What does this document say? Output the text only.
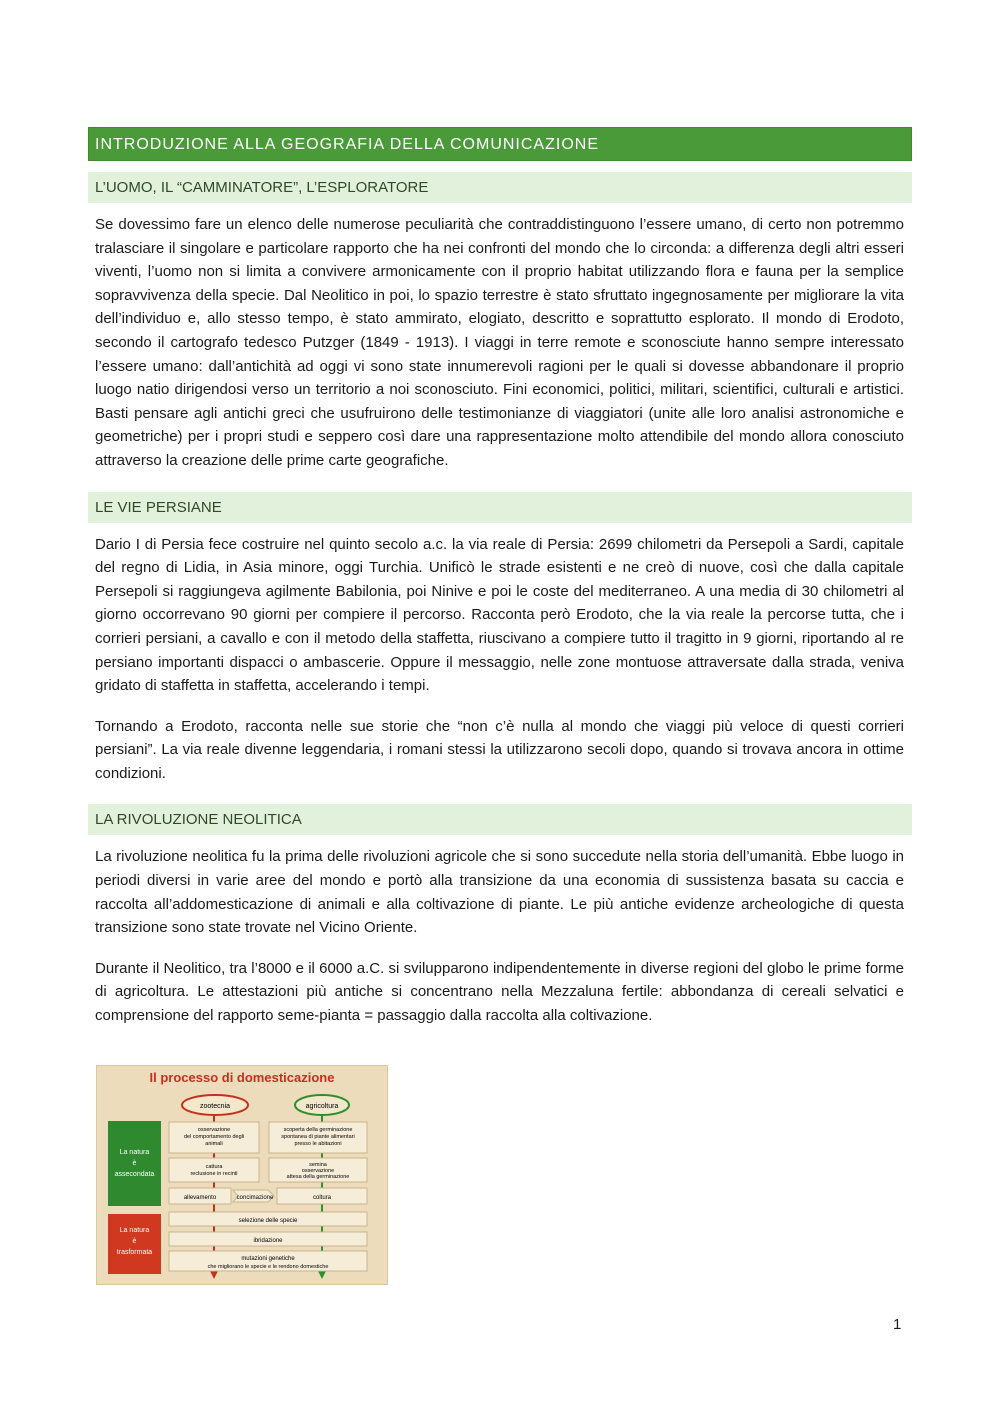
INTRODUZIONE ALLA GEOGRAFIA DELLA COMUNICAZIONE
L’UOMO, IL “CAMMINATORE”, L’ESPLORATORE

Se dovessimo fare un elenco delle numerose peculiarità che contraddistinguono l’essere umano, di certo non potremmo tralasciare il singolare e particolare rapporto che ha nei confronti del mondo che lo circonda: a differenza degli altri esseri viventi, l’uomo non si limita a convivere armonicamente con il proprio habitat utilizzando flora e fauna per la semplice sopravvivenza della specie. Dal Neolitico in poi, lo spazio terrestre è stato sfruttato ingegnosamente per migliorare la vita dell’individuo e, allo stesso tempo, è stato ammirato, elogiato, descritto e soprattutto esplorato. Il mondo di Erodoto, secondo il cartografo tedesco Putzger (1849 - 1913). I viaggi in terre remote e sconosciute hanno sempre interessato l’essere umano: dall’antichità ad oggi vi sono state innumerevoli ragioni per le quali si dovesse abbandonare il proprio luogo natio dirigendosi verso un territorio a noi sconosciuto. Fini economici, politici, militari, scientifici, culturali e artistici. Basti pensare agli antichi greci che usufruirono delle testimonianze di viaggiatori (unite alle loro analisi astronomiche e geometriche) per i propri studi e seppero così dare una rappresentazione molto attendibile del mondo allora conosciuto attraverso la creazione delle prime carte geografiche.

LE VIE PERSIANE

Dario I di Persia fece costruire nel quinto secolo a.c. la via reale di Persia: 2699 chilometri da Persepoli a Sardi, capitale del regno di Lidia, in Asia minore, oggi Turchia. Unificò le strade esistenti e ne creò di nuove, così che dalla capitale Persepoli si raggiungeva agilmente Babilonia, poi Ninive e poi le coste del mediterraneo. A una media di 30 chilometri al giorno occorrevano 90 giorni per compiere il percorso. Racconta però Erodoto, che la via reale la percorse tutta, che i corrieri persiani, a cavallo e con il metodo della staffetta, riuscivano a compiere tutto il tragitto in 9 giorni, riportando al re persiano importanti dispacci o ambascerie. Oppure il messaggio, nelle zone montuose attraversate dalla strada, veniva gridato di staffetta in staffetta, accelerando i tempi.

Tornando a Erodoto, racconta nelle sue storie che “non c’è nulla al mondo che viaggi più veloce di questi corrieri persiani”. La via reale divenne leggendaria, i romani stessi la utilizzarono secoli dopo, quando si trovava ancora in ottime condizioni.

LA RIVOLUZIONE NEOLITICA

La rivoluzione neolitica fu la prima delle rivoluzioni agricole che si sono succedute nella storia dell’umanità. Ebbe luogo in periodi diversi in varie aree del mondo e portò alla transizione da una economia di sussistenza basata su caccia e raccolta all’addomesticazione di animali e alla coltivazione di piante. Le più antiche evidenze archeologiche di questa transizione sono state trovate nel Vicino Oriente.

Durante il Neolitico, tra l’8000 e il 6000 a.C. si svilupparono indipendentemente in diverse regioni del globo le prime forme di agricoltura. Le attestazioni più antiche si concentrano nella Mezzaluna fertile: abbondanza di cereali selvatici e comprensione del rapporto seme-pianta = passaggio dalla raccolta alla coltivazione.

Il processo di domesticazione
zootecnia	agricoltura
La natura
è
assecondata
La natura
è
trasformata
osservazione
del comportamento degli
animali
scoperta della germinazione
spontanea di piante alimentari
presso le abitazioni
cattura
reclusione in recinti
semina
osservazione
attesa della germinazione
allevamento	concimazione	coltura
selezione delle specie
ibridazione
mutazioni genetiche
che migliorano le specie e le rendono domestiche
1
